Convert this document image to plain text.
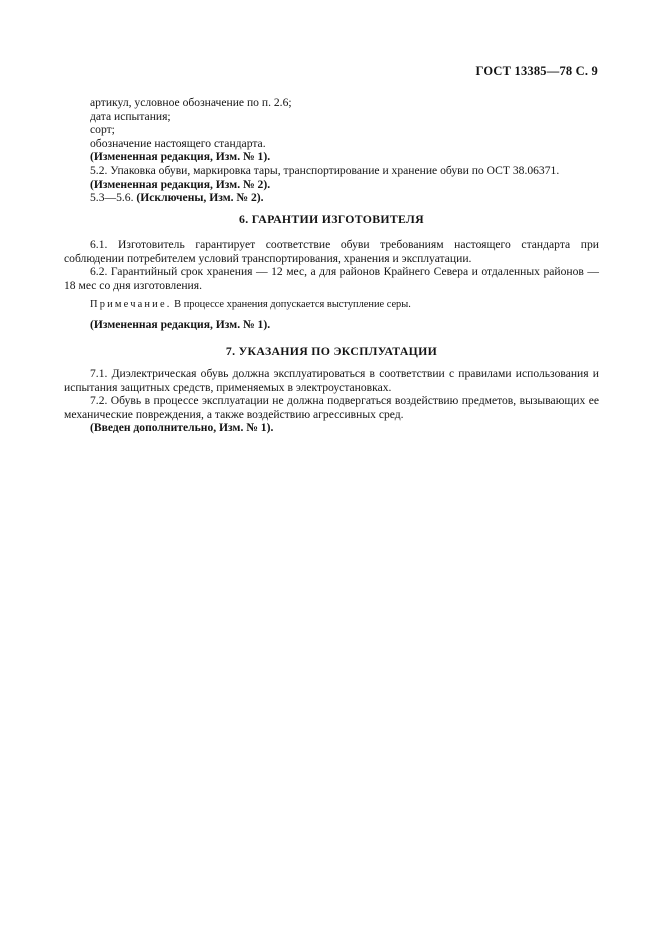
ГОСТ 13385—78 С. 9
артикул, условное обозначение по п. 2.6;
дата испытания;
сорт;
обозначение настоящего стандарта.
(Измененная редакция, Изм. № 1).
5.2. Упаковка обуви, маркировка тары, транспортирование и хранение обуви по ОСТ 38.06371.
(Измененная редакция, Изм. № 2).
5.3—5.6. (Исключены, Изм. № 2).
6. ГАРАНТИИ ИЗГОТОВИТЕЛЯ
6.1. Изготовитель гарантирует соответствие обуви требованиям настоящего стандарта при соблюдении потребителем условий транспортирования, хранения и эксплуатации.
6.2. Гарантийный срок хранения — 12 мес, а для районов Крайнего Севера и отдаленных районов — 18 мес со дня изготовления.
Примечание. В процессе хранения допускается выступление серы.
(Измененная редакция, Изм. № 1).
7. УКАЗАНИЯ ПО ЭКСПЛУАТАЦИИ
7.1. Диэлектрическая обувь должна эксплуатироваться в соответствии с правилами использования и испытания защитных средств, применяемых в электроустановках.
7.2. Обувь в процессе эксплуатации не должна подвергаться воздействию предметов, вызывающих ее механические повреждения, а также воздействию агрессивных сред.
(Введен дополнительно, Изм. № 1).
